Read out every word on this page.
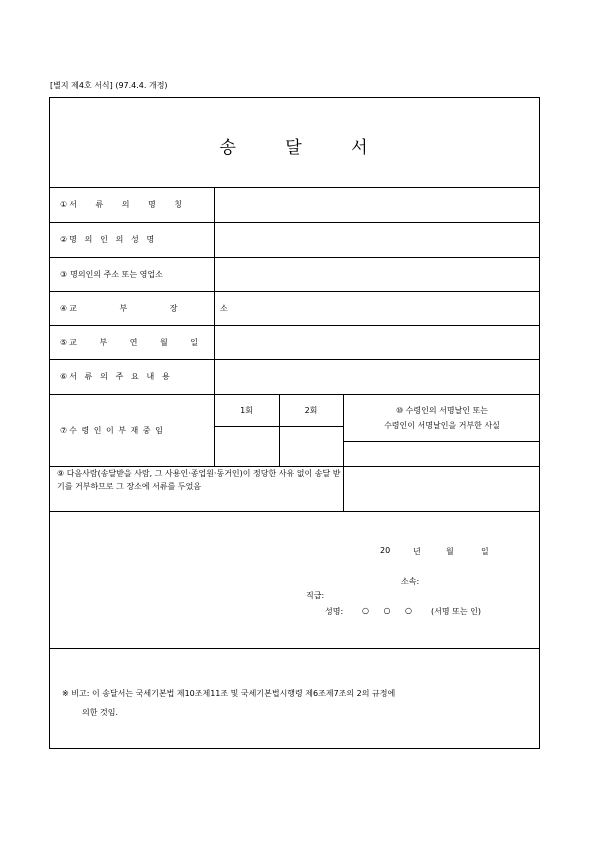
[별지 제4호 서식] (97.4.4. 개정)
송 달 서
① 서 류 의 명 칭
② 명 의 인 의 성 명
③ 명의인의 주소 또는 영업소
④ 교 부 장 소
⑤ 교 부 연 월 일
⑥ 서 류 의 주 요 내 용
⑦ 수 령 인 이 부 재 중 임
1회	2회	⑩ 수령인의 서명날인 또는
수령인이 서명날인을 거부한 사실
⑨ 다음사람(송달받을 사람, 그 사용인·종업원·동거인)이 정당한 사유 없이 송달 받기를 거부하므로 그 장소에 서류를 두었음
20	년	월	일
소속:
직급:
성명: ○ ○ ○ (서명 또는 인)
※ 비고: 이 송달서는 국세기본법 제10조제11조 및 국세기본법시행령 제6조제7조의 2의 규정에
의한 것임.
